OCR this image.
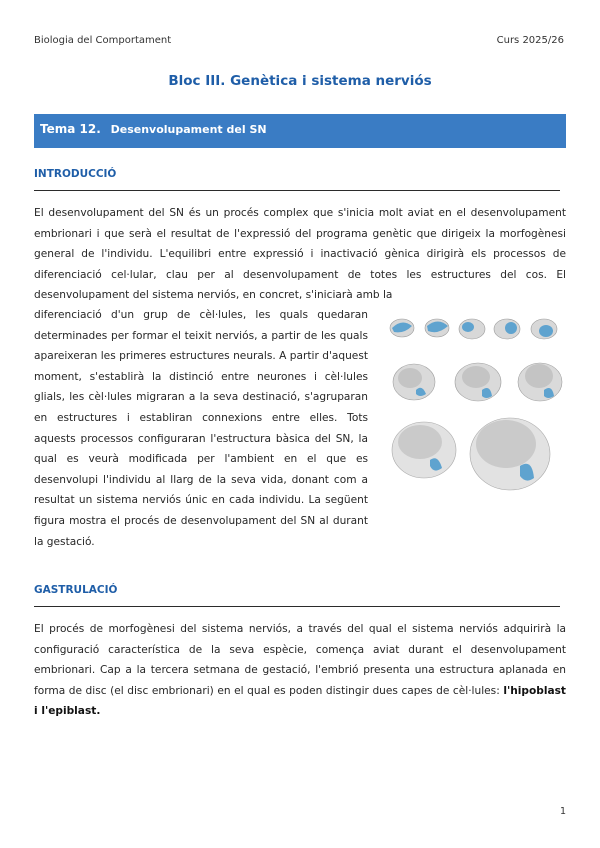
Biologia del Comportament	Curs 2025/26
Bloc III. Genètica i sistema nerviós
Tema 12. Desenvolupament del SN
INTRODUCCIÓ
El desenvolupament del SN és un procés complex que s'inicia molt aviat en el desenvolupament embrionari i que serà el resultat de l'expressió del programa genètic que dirigeix la morfogènesi general de l'individu. L'equilibri entre expressió i inactivació gènica dirigirà els processos de diferenciació cel·lular, clau per al desenvolupament de totes les estructures del cos. El desenvolupament del sistema nerviós, en concret, s'iniciarà amb la
diferenciació d'un grup de cèl·lules, les quals quedaran determinades per formar el teixit nerviós, a partir de les quals apareixeran les primeres estructures neurals. A partir d'aquest moment, s'establirà la distinció entre neurones i cèl·lules glials, les cèl·lules migraran a la seva destinació, s'agruparan en estructures i establiran connexions entre elles. Tots aquests processos configuraran l'estructura bàsica del SN, la qual es veurà modificada per l'ambient en el que es desenvolupi l'individu al llarg de la seva vida, donant com a resultat un sistema nerviós únic en cada individu. La següent figura mostra el procés de desenvolupament del SN al durant la gestació.
GASTRULACIÓ
El procés de morfogènesi del sistema nerviós, a través del qual el sistema nerviós adquirirà la configuració característica de la seva espècie, comença aviat durant el desenvolupament embrionari. Cap a la tercera setmana de gestació, l'embrió presenta una estructura aplanada en forma de disc (el disc embrionari) en el qual es poden distingir dues capes de cèl·lules: l'hipoblast i l'epiblast.
1
